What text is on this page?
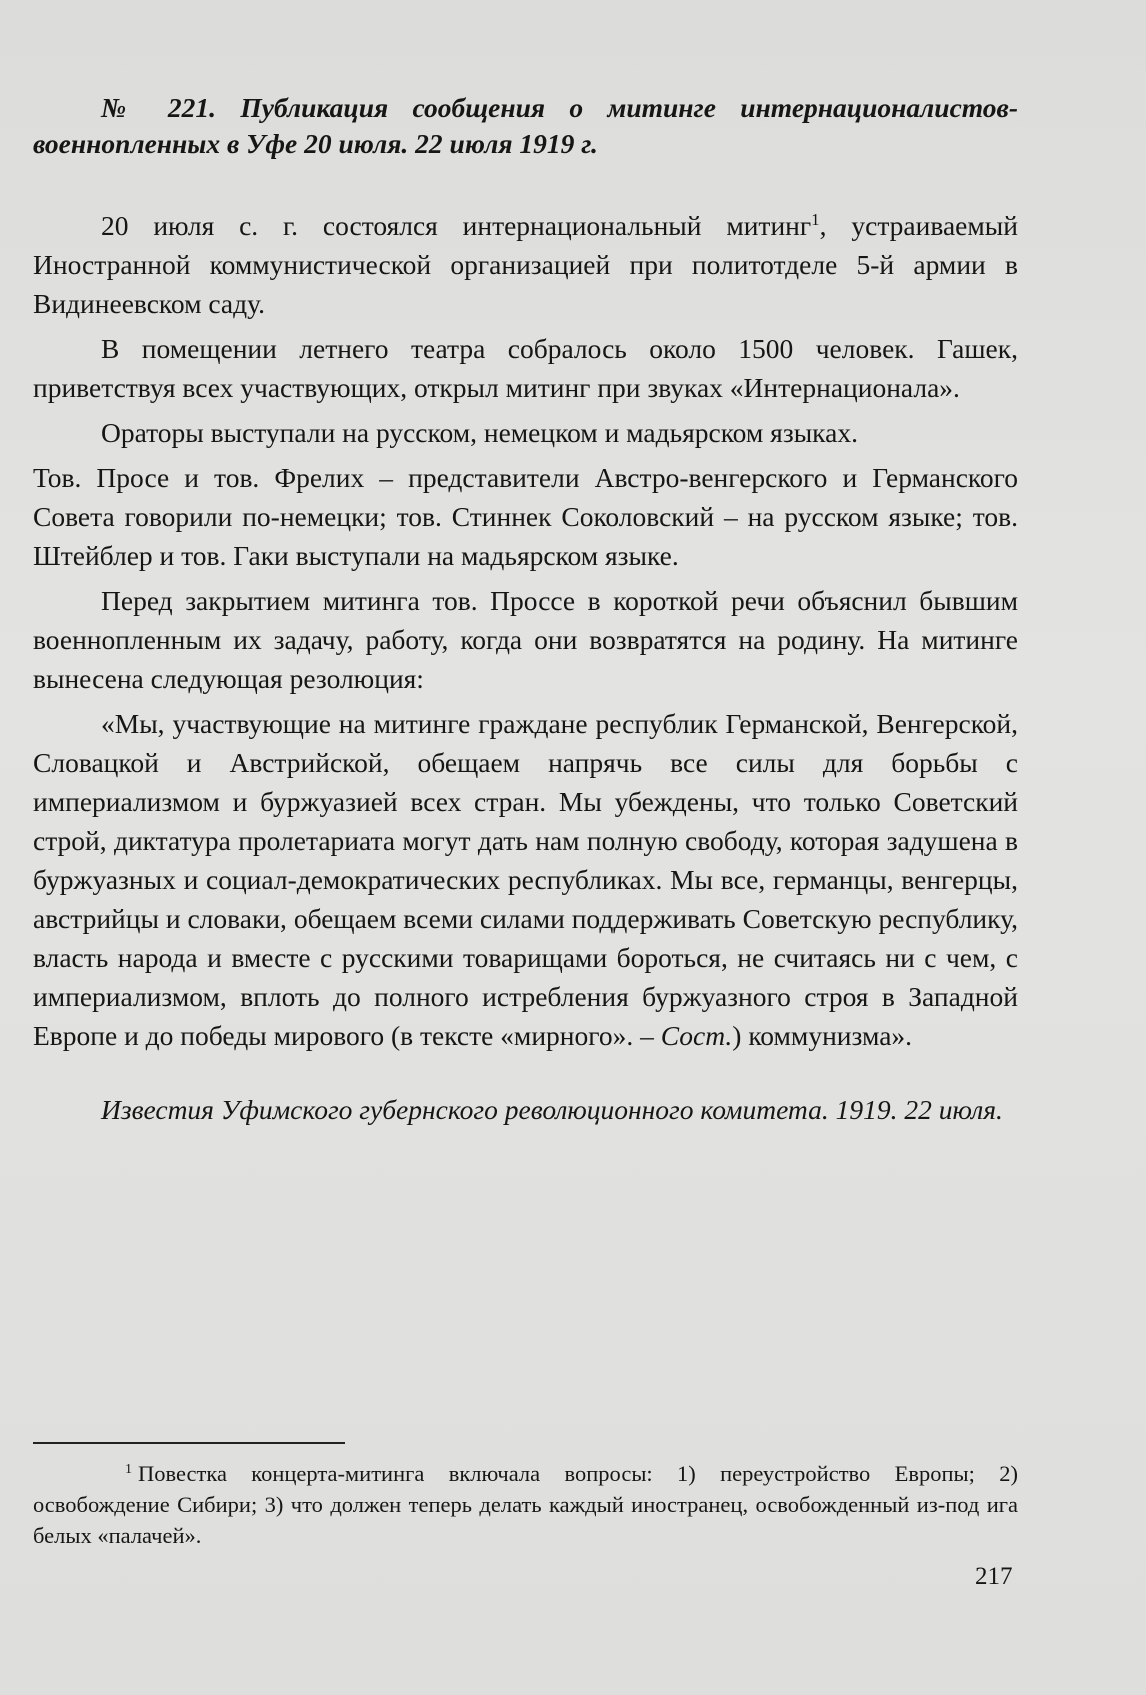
№ 221. Публикация сообщения о митинге интернационалистов-военнопленных в Уфе 20 июля. 22 июля 1919 г.

20 июля с. г. состоялся интернациональный митинг$^1$, устраиваемый Иностранной коммунистической организацией при политотделе 5-й армии в Видинеевском саду.

В помещении летнего театра собралось около 1500 человек. Гашек, приветствуя всех участвующих, открыл митинг при звуках «Интернационала».

Ораторы выступали на русском, немецком и мадьярском языках.

Тов. Просе и тов. Фрелих – представители Австро-венгерского и Германского Совета говорили по-немецки; тов. Стиннек Соколовский – на русском языке; тов. Штейблер и тов. Гаки выступали на мадьярском языке.

Перед закрытием митинга тов. Проссе в короткой речи объяснил бывшим военнопленным их задачу, работу, когда они возвратятся на родину. На митинге вынесена следующая резолюция:

«Мы, участвующие на митинге граждане республик Германской, Венгерской, Словацкой и Австрийской, обещаем напрячь все силы для борьбы с империализмом и буржуазией всех стран. Мы убеждены, что только Советский строй, диктатура пролетариата могут дать нам полную свободу, которая задушена в буржуазных и социал-демократических республиках. Мы все, германцы, венгерцы, австрийцы и словаки, обещаем всеми силами поддерживать Советскую республику, власть народа и вместе с русскими товарищами бороться, не считаясь ни с чем, с империализмом, вплоть до полного истребления буржуазного строя в Западной Европе и до победы мирового (в тексте «мирного». – Сост.) коммунизма».

Известия Уфимского губернского революционного комитета. 1919. 22 июля.

$^1$ Повестка концерта-митинга включала вопросы: 1) переустройство Европы; 2) освобождение Сибири; 3) что должен теперь делать каждый иностранец, освобожденный из-под ига белых «палачей».

217
